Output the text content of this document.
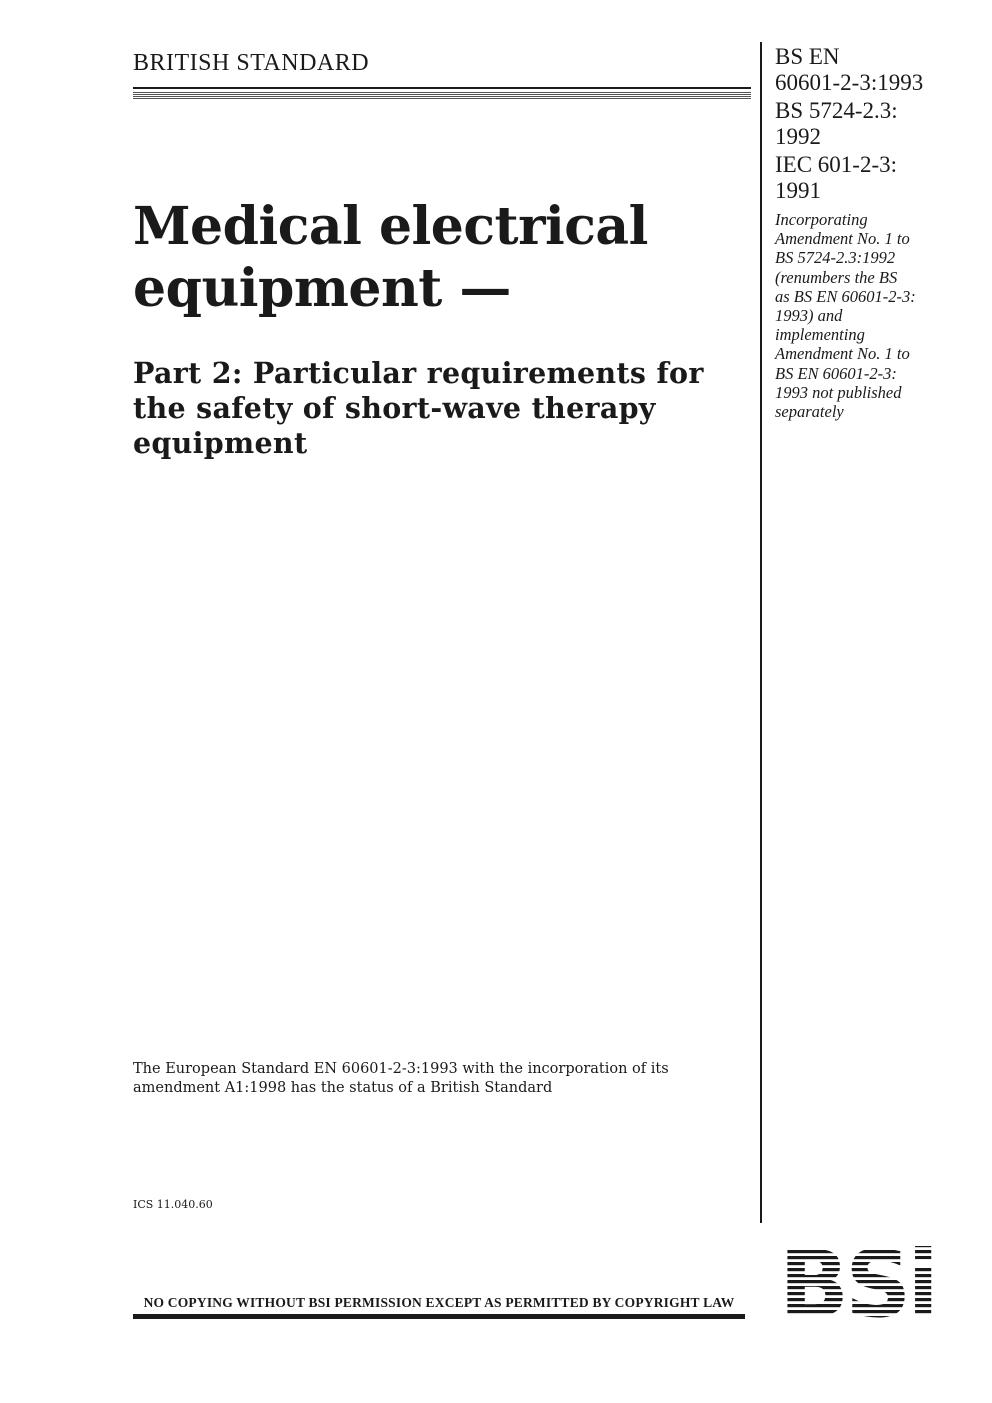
BRITISH STANDARD
Medical electrical
equipment —
Part 2: Particular requirements for
the safety of short-wave therapy
equipment
BS EN
60601-2-3:1993
BS 5724-2.3:
1992
IEC 601-2-3:
1991
Incorporating
Amendment No. 1 to
BS 5724-2.3:1992
(renumbers the BS
as BS EN 60601-2-3:
1993) and
implementing
Amendment No. 1 to
BS EN 60601-2-3:
1993 not published
separately
The European Standard EN 60601-2-3:1993 with the incorporation of its
amendment A1:1998 has the status of a British Standard
ICS 11.040.60
NO COPYING WITHOUT BSI PERMISSION EXCEPT AS PERMITTED BY COPYRIGHT LAW
